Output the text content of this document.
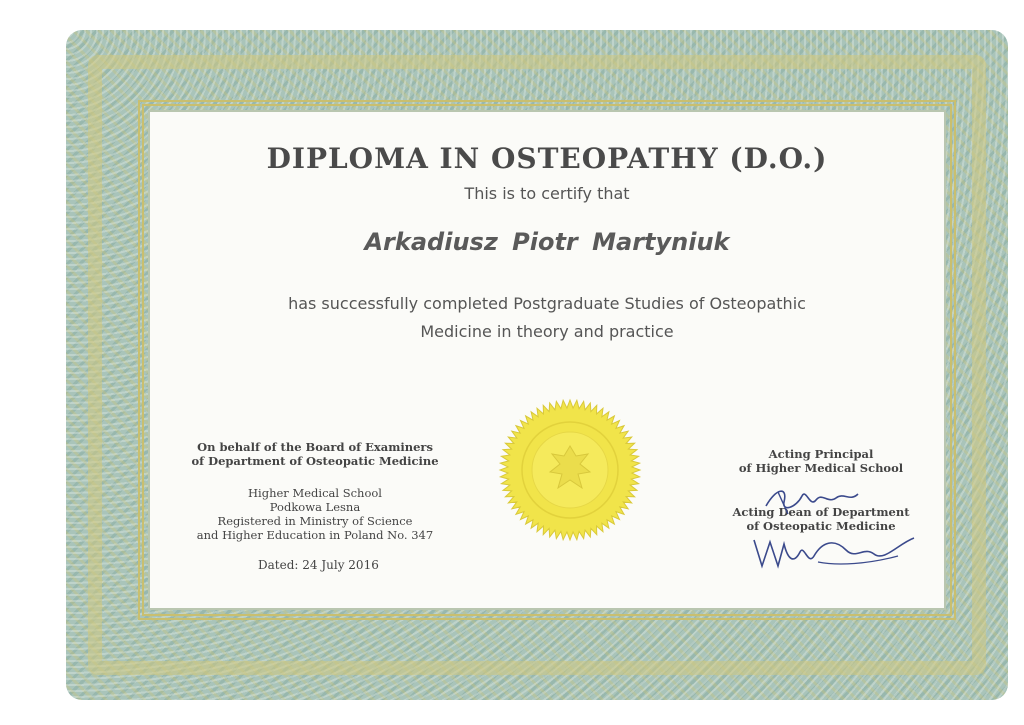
DIPLOMA IN OSTEOPATHY (D.O.)
This is to certify that
Arkadiusz Piotr Martyniuk
has successfully completed Postgraduate Studies of Osteopathic
Medicine in theory and practice
On behalf of the Board of Examiners
of Department of Osteopatic Medicine
Higher Medical School
Podkowa Lesna
Registered in Ministry of Science
and Higher Education in Poland No. 347
Dated: 24 July 2016
Acting Principal
of Higher Medical School
Acting Dean of Department
of Osteopatic Medicine
